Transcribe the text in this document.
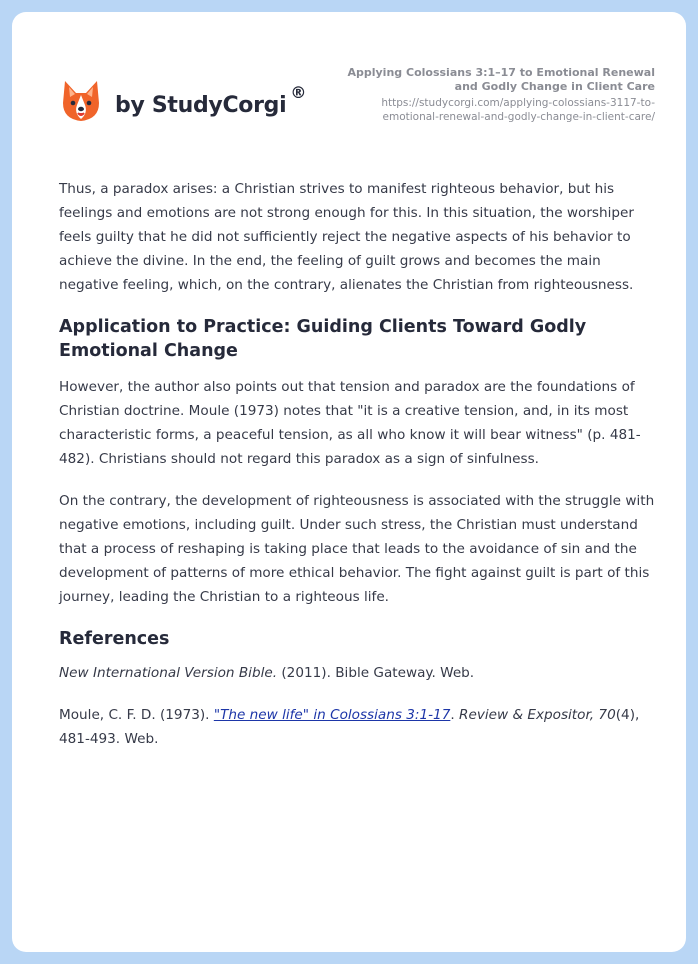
by StudyCorgi
®
Applying Colossians 3:1–17 to Emotional Renewal and Godly Change in Client Care
https://studycorgi.com/applying-colossians-3117-to-emotional-renewal-and-godly-change-in-client-care/

Thus, a paradox arises: a Christian strives to manifest righteous behavior, but his feelings and emotions are not strong enough for this. In this situation, the worshiper feels guilty that he did not sufficiently reject the negative aspects of his behavior to achieve the divine. In the end, the feeling of guilt grows and becomes the main negative feeling, which, on the contrary, alienates the Christian from righteousness.

Application to Practice: Guiding Clients Toward Godly Emotional Change

However, the author also points out that tension and paradox are the foundations of Christian doctrine. Moule (1973) notes that "it is a creative tension, and, in its most characteristic forms, a peaceful tension, as all who know it will bear witness" (p. 481-482). Christians should not regard this paradox as a sign of sinfulness.

On the contrary, the development of righteousness is associated with the struggle with negative emotions, including guilt. Under such stress, the Christian must understand that a process of reshaping is taking place that leads to the avoidance of sin and the development of patterns of more ethical behavior. The fight against guilt is part of this journey, leading the Christian to a righteous life.

References

New International Version Bible. (2011). Bible Gateway. Web.

Moule, C. F. D. (1973). "The new life" in Colossians 3:1-17. Review & Expositor, 70(4), 481-493. Web.
